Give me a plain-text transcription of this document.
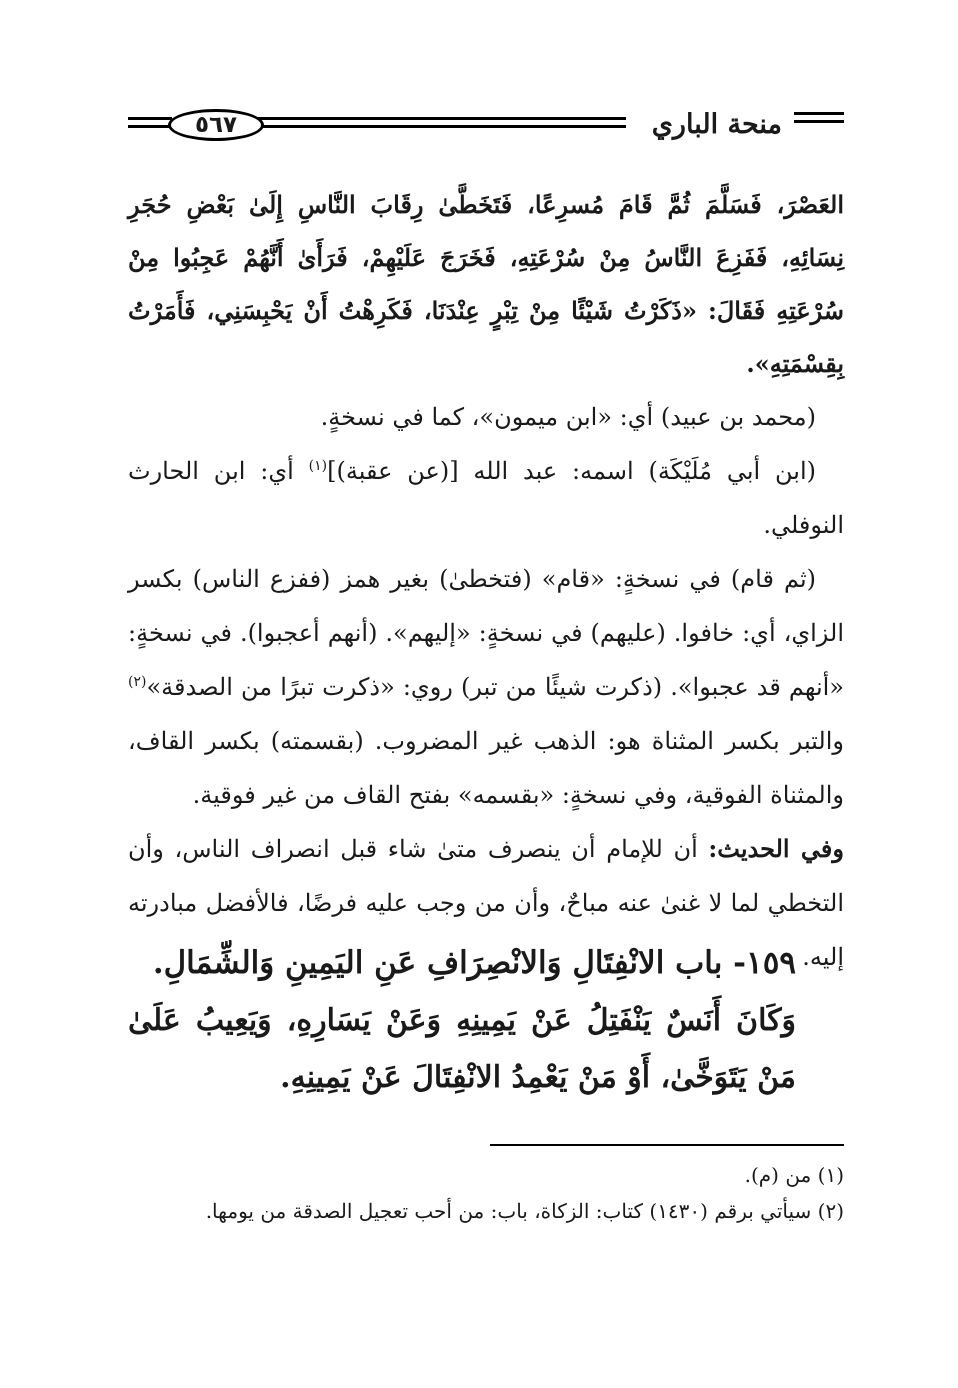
منحة الباري
٥٦٧

العَصْرَ، فَسَلَّمَ ثُمَّ قَامَ مُسرِعًا، فَتَخَطَّىٰ رِقَابَ النَّاسِ إِلَىٰ بَعْضِ حُجَرِ نِسَائِهِ، فَفَزِعَ النَّاسُ مِنْ سُرْعَتِهِ، فَخَرَجَ عَلَيْهِمْ، فَرَأَىٰ أَنَّهُمْ عَجِبُوا مِنْ سُرْعَتِهِ فَقَالَ: «ذَكَرْتُ شَيْئًا مِنْ تِبْرٍ عِنْدَنَا، فَكَرِهْتُ أَنْ يَحْبِسَنِي، فَأَمَرْتُ بِقِسْمَتِهِ».

(محمد بن عبيد) أي: «ابن ميمون»، كما في نسخةٍ.

(ابن أبي مُلَيْكَة) اسمه: عبد الله [(عن عقبة)]$^{(١)}$ أي: ابن الحارث النوفلي.

(ثم قام) في نسخةٍ: «قام» (فتخطىٰ) بغير همز (ففزع الناس) بكسر الزاي، أي: خافوا. (عليهم) في نسخةٍ: «إليهم». (أنهم أعجبوا). في نسخةٍ: «أنهم قد عجبوا». (ذكرت شيئًا من تبر) روي: «ذكرت تبرًا من الصدقة»$^{(٢)}$ والتبر بكسر المثناة هو: الذهب غير المضروب. (بقسمته) بكسر القاف، والمثناة الفوقية، وفي نسخةٍ: «بقسمه» بفتح القاف من غير فوقية.

وفي الحديث: أن للإمام أن ينصرف متىٰ شاء قبل انصراف الناس، وأن التخطي لما لا غنىٰ عنه مباحٌ، وأن من وجب عليه فرضًا، فالأفضل مبادرته إليه.

١٥٩- باب الانْفِتَالِ وَالانْصِرَافِ عَنِ اليَمِينِ وَالشِّمَالِ.

وَكَانَ أَنَسٌ يَنْفَتِلُ عَنْ يَمِينِهِ وَعَنْ يَسَارِهِ، وَيَعِيبُ عَلَىٰ مَنْ يَتَوَخَّىٰ، أَوْ مَنْ يَعْمِدُ الانْفِتَالَ عَنْ يَمِينِهِ.

(١) من (م).

(٢) سيأتي برقم (١٤٣٠) كتاب: الزكاة، باب: من أحب تعجيل الصدقة من يومها.
